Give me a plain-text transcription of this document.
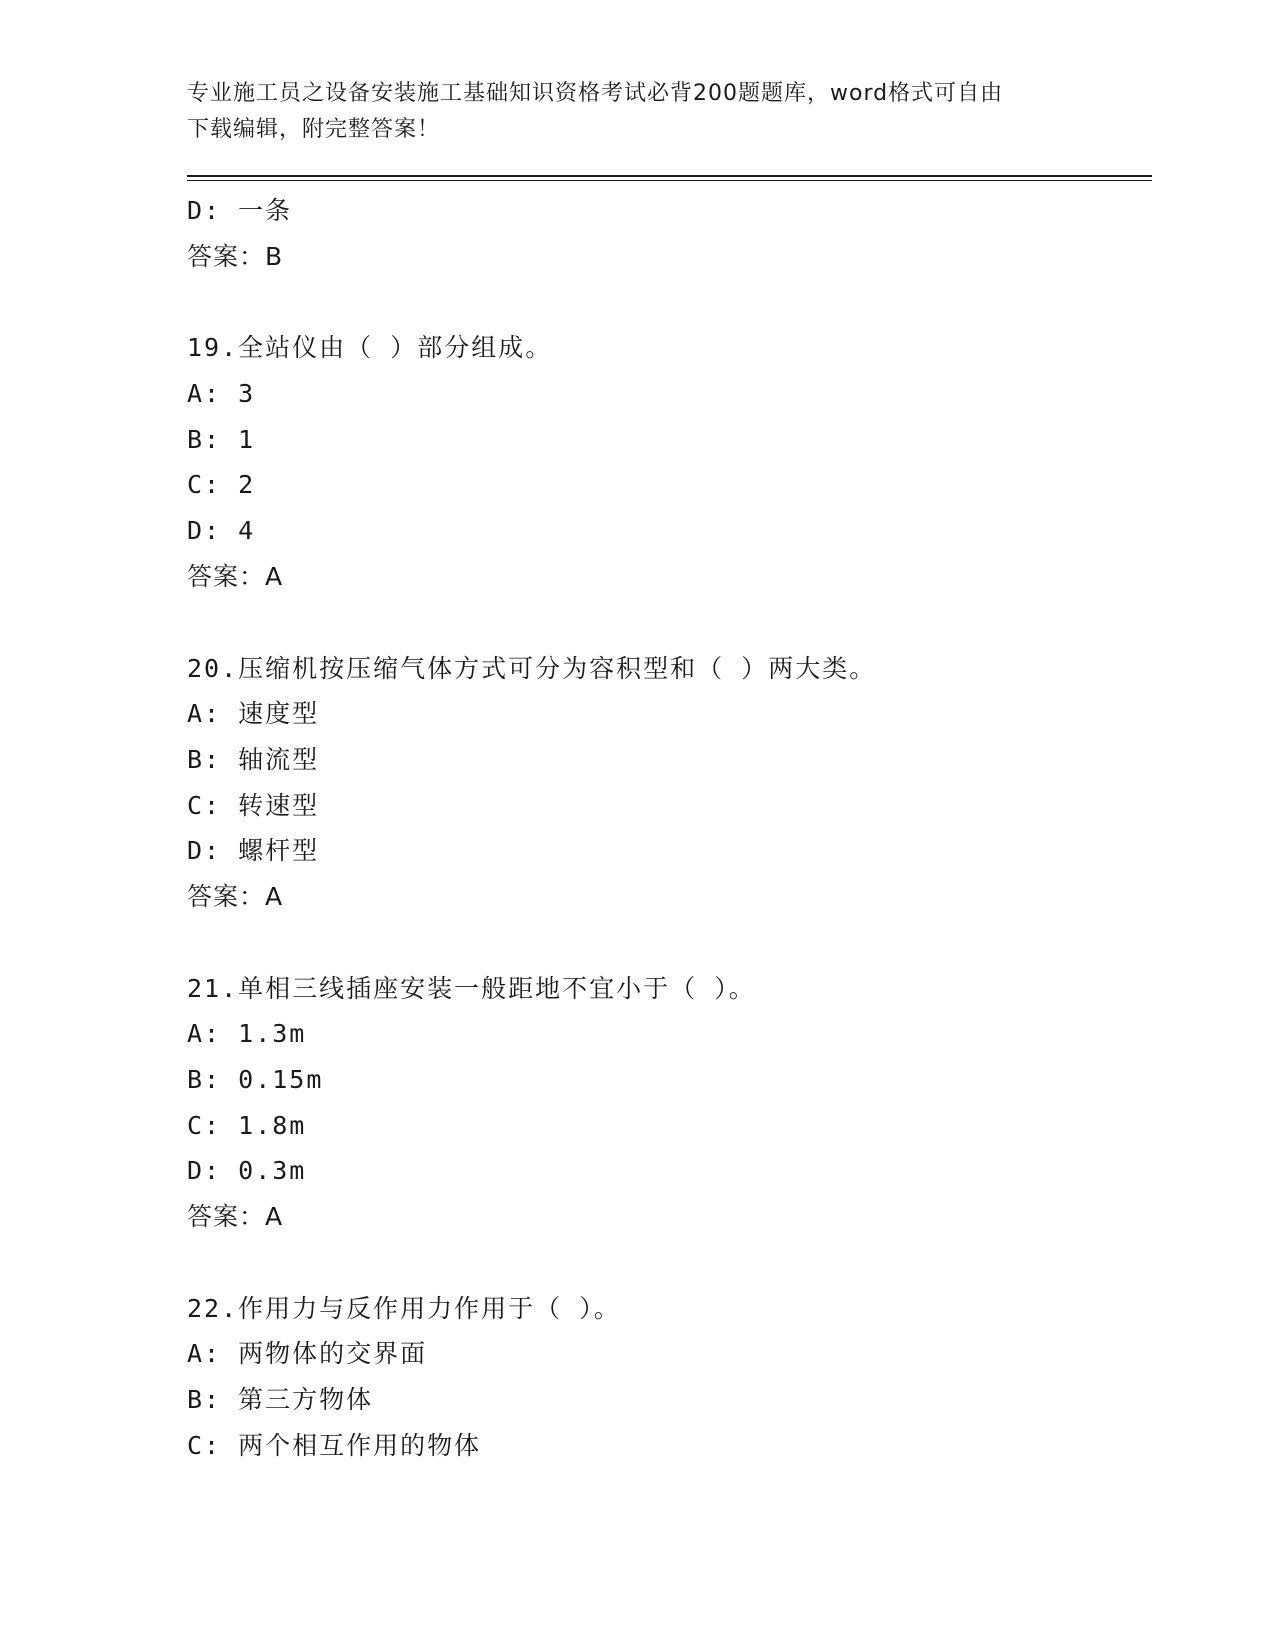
专业施工员之设备安装施工基础知识资格考试必背200题题库，word格式可自由
下载编辑，附完整答案！
D: 一条
答案：B
19.全站仪由（ ）部分组成。
A: 3
B: 1
C: 2
D: 4
答案：A
20.压缩机按压缩气体方式可分为容积型和（ ）两大类。
A: 速度型
B: 轴流型
C: 转速型
D: 螺杆型
答案：A
21.单相三线插座安装一般距地不宜小于（ ）。
A: 1.3m
B: 0.15m
C: 1.8m
D: 0.3m
答案：A
22.作用力与反作用力作用于（ ）。
A: 两物体的交界面
B: 第三方物体
C: 两个相互作用的物体
